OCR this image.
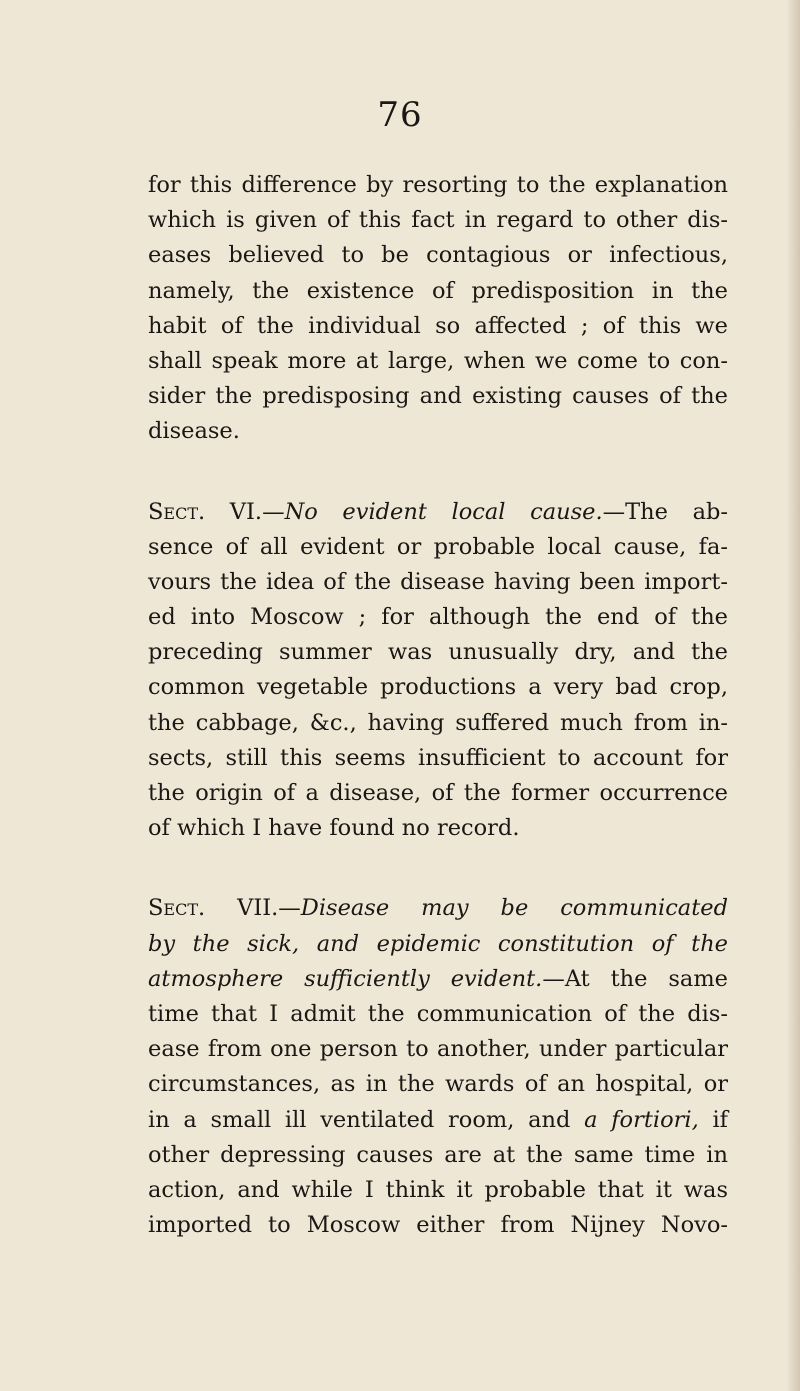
76
for this difference by resorting to the explanation
which is given of this fact in regard to other dis-
eases believed to be contagious or infectious,
namely, the existence of predisposition in the
habit of the individual so affected ; of this we
shall speak more at large, when we come to con-
sider the predisposing and existing causes of the
disease.
Sect. VI.—No evident local cause.—The ab-
sence of all evident or probable local cause, fa-
vours the idea of the disease having been import-
ed into Moscow ; for although the end of the
preceding summer was unusually dry, and the
common vegetable productions a very bad crop,
the cabbage, &c., having suffered much from in-
sects, still this seems insufficient to account for
the origin of a disease, of the former occurrence
of which I have found no record.
Sect. VII.—Disease may be communicated
by the sick, and epidemic constitution of the
atmosphere sufficiently evident.—At the same
time that I admit the communication of the dis-
ease from one person to another, under particular
circumstances, as in the wards of an hospital, or
in a small ill ventilated room, and a fortiori, if
other depressing causes are at the same time in
action, and while I think it probable that it was
imported to Moscow either from Nijney Novo-
